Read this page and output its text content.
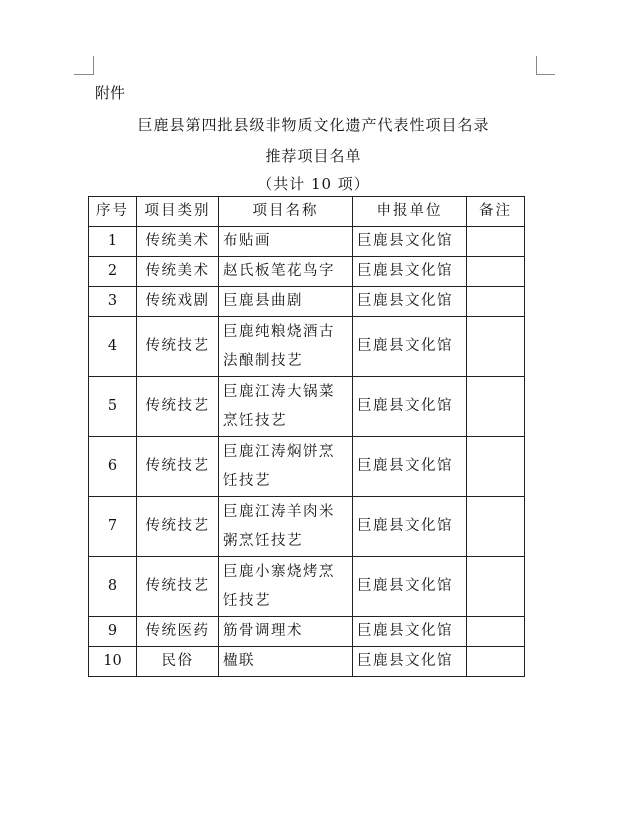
附件
巨鹿县第四批县级非物质文化遗产代表性项目名录
推荐项目名单
（共计 10 项）
序号	项目类别	项目名称	申报单位	备注
1	传统美术	布贴画	巨鹿县文化馆	
2	传统美术	赵氏板笔花鸟字	巨鹿县文化馆	
3	传统戏剧	巨鹿县曲剧	巨鹿县文化馆	
4	传统技艺	巨鹿纯粮烧酒古法酿制技艺	巨鹿县文化馆	
5	传统技艺	巨鹿江涛大锅菜烹饪技艺	巨鹿县文化馆	
6	传统技艺	巨鹿江涛焖饼烹饪技艺	巨鹿县文化馆	
7	传统技艺	巨鹿江涛羊肉米粥烹饪技艺	巨鹿县文化馆	
8	传统技艺	巨鹿小寨烧烤烹饪技艺	巨鹿县文化馆	
9	传统医药	筋骨调理术	巨鹿县文化馆	
10	民俗	楹联	巨鹿县文化馆	
